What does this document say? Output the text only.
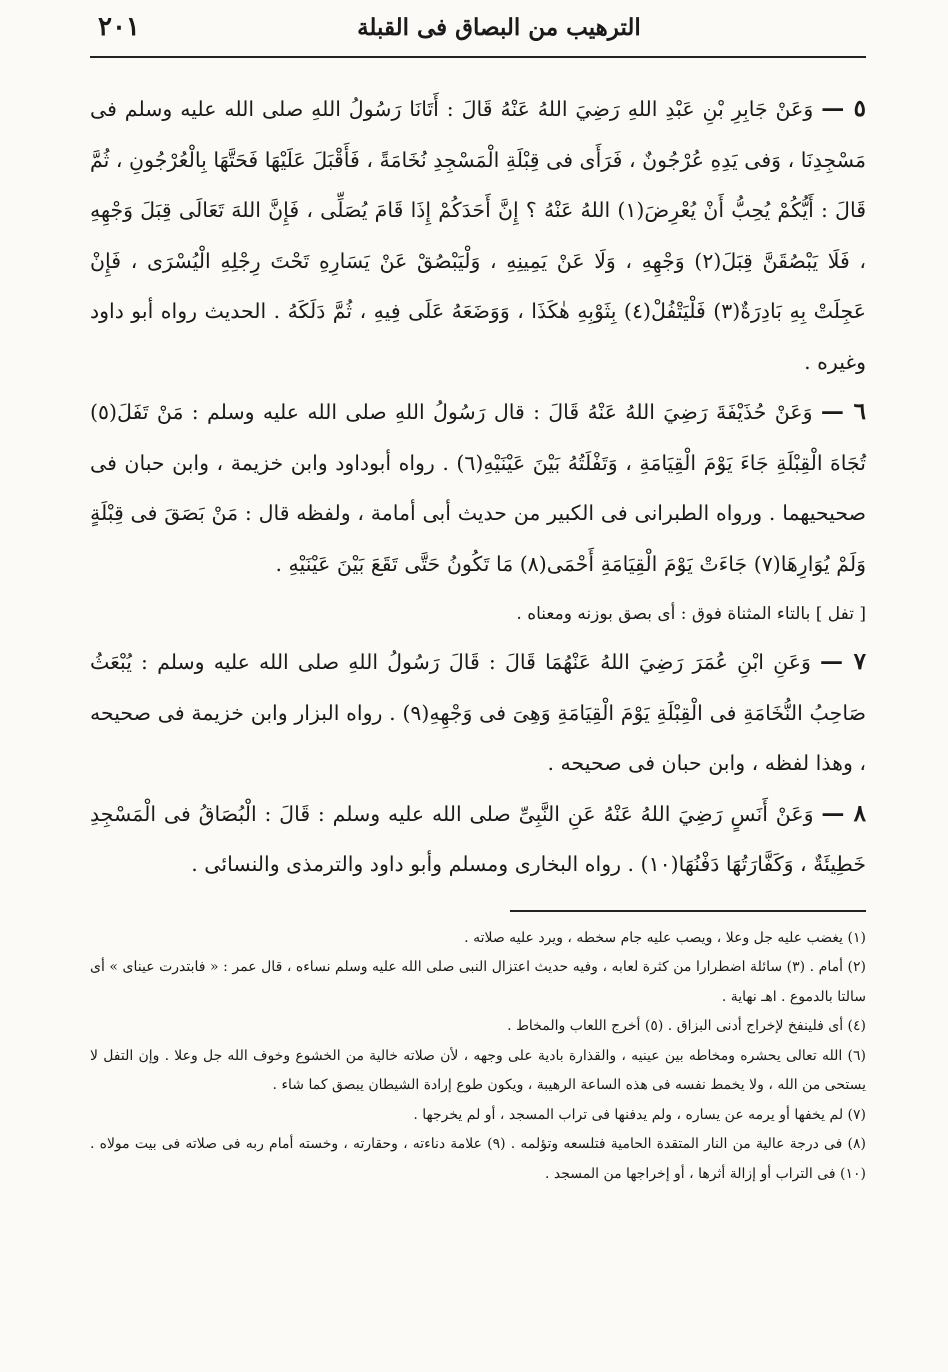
الترهيب من البصاق فى القبلة
٢٠١

٥ — وَعَنْ جَابِرِ بْنِ عَبْدِ اللهِ رَضِيَ اللهُ عَنْهُ قَالَ : أَتَانَا رَسُولُ اللهِ صلى الله عليه وسلم فى مَسْجِدِنَا ، وَفى يَدِهِ عُرْجُونٌ ، فَرَأَى فى قِبْلَةِ الْمَسْجِدِ نُخَامَةً ، فَأَقْبَلَ عَلَيْهَا فَحَتَّهَا بِالْعُرْجُونِ ، ثُمَّ قَالَ : أَيُّكُمْ يُحِبُّ أَنْ يُعْرِضَ(١) اللهُ عَنْهُ ؟ إِنَّ أَحَدَكُمْ إِذَا قَامَ يُصَلِّى ، فَإِنَّ اللهَ تَعَالَى قِبَلَ وَجْهِهِ ، فَلَا يَبْصُقَنَّ قِبَلَ(٢) وَجْهِهِ ، وَلَا عَنْ يَمِينِهِ ، وَلْيَبْصُقْ عَنْ يَسَارِهِ تَحْتَ رِجْلِهِ الْيُسْرَى ، فَإِنْ عَجِلَتْ بِهِ بَادِرَةٌ(٣) فَلْيَتْفُلْ(٤) بِثَوْبِهِ هٰكَذَا ، وَوَضَعَهُ عَلَى فِيهِ ، ثُمَّ دَلَكَهُ . الحديث رواه أبو داود وغيره .

٦ — وَعَنْ حُذَيْفَةَ رَضِيَ اللهُ عَنْهُ قَالَ : قال رَسُولُ اللهِ صلى الله عليه وسلم : مَنْ تَفَلَ(٥) تُجَاهَ الْقِبْلَةِ جَاءَ يَوْمَ الْقِيَامَةِ ، وَتَفْلَتُهُ بَيْنَ عَيْنَيْهِ(٦) . رواه أبوداود وابن خزيمة ، وابن حبان فى صحيحيهما . ورواه الطبرانى فى الكبير من حديث أبى أمامة ، ولفظه قال : مَنْ بَصَقَ فى قِبْلَةٍ وَلَمْ يُوَارِهَا(٧) جَاءَتْ يَوْمَ الْقِيَامَةِ أَحْمَى(٨) مَا تَكُونُ حَتَّى تَقَعَ بَيْنَ عَيْنَيْهِ .

[ تفل ] بالتاء المثناة فوق : أى بصق بوزنه ومعناه .

٧ — وَعَنِ ابْنِ عُمَرَ رَضِيَ اللهُ عَنْهُمَا قَالَ : قَالَ رَسُولُ اللهِ صلى الله عليه وسلم : يُبْعَثُ صَاحِبُ النُّخَامَةِ فى الْقِبْلَةِ يَوْمَ الْقِيَامَةِ وَهِىَ فى وَجْهِهِ(٩) . رواه البزار وابن خزيمة فى صحيحه ، وهذا لفظه ، وابن حبان فى صحيحه .

٨ — وَعَنْ أَنَسٍ رَضِيَ اللهُ عَنْهُ عَنِ النَّبِىِّ صلى الله عليه وسلم : قَالَ : الْبُصَاقُ فى الْمَسْجِدِ خَطِيئَةٌ ، وَكَفَّارَتُهَا دَفْنُهَا(١٠) . رواه البخارى ومسلم وأبو داود والترمذى والنسائى .

(١) يغضب عليه جل وعلا ، ويصب عليه جام سخطه ، ويرد عليه صلاته .

(٢) أمام . (٣) سائلة اضطرارا من كثرة لعابه ، وفيه حديث اعتزال النبى صلى الله عليه وسلم نساءه ، قال عمر : « فابتدرت عيناى » أى سالتا بالدموع . اهـ نهاية .

(٤) أى فلينفخ لإخراج أدنى البزاق . (٥) أخرج اللعاب والمخاط .

(٦) الله تعالى يحشره ومخاطه بين عينيه ، والقذارة بادية على وجهه ، لأن صلاته خالية من الخشوع وخوف الله جل وعلا . وإن التفل لا يستحى من الله ، ولا يخمط نفسه فى هذه الساعة الرهيبة ، ويكون طوع إرادة الشيطان يبصق كما شاء .

(٧) لم يخفها أو يرمه عن يساره ، ولم يدفنها فى تراب المسجد ، أو لم يخرجها .

(٨) فى درجة عالية من النار المتقدة الحامية فتلسعه وتؤلمه . (٩) علامة دناءته ، وحقارته ، وخسته أمام ربه فى صلاته فى بيت مولاه . (١٠) فى التراب أو إزالة أثرها ، أو إخراجها من المسجد .
